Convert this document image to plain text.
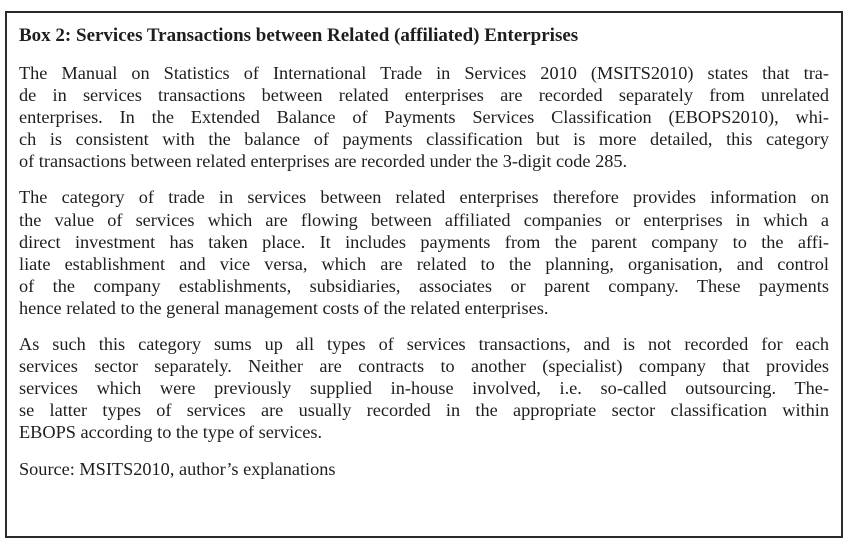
Box 2: Services Transactions between Related (affiliated) Enterprises
The Manual on Statistics of International Trade in Services 2010 (MSITS2010) states that tra-
de in services transactions between related enterprises are recorded separately from unrelated
enterprises. In the Extended Balance of Payments Services Classification (EBOPS2010), whi-
ch is consistent with the balance of payments classification but is more detailed, this category
of transactions between related enterprises are recorded under the 3-digit code 285.
The category of trade in services between related enterprises therefore provides information on
the value of services which are flowing between affiliated companies or enterprises in which a
direct investment has taken place. It includes payments from the parent company to the affi-
liate establishment and vice versa, which are related to the planning, organisation, and control
of the company establishments, subsidiaries, associates or parent company. These payments
hence related to the general management costs of the related enterprises.
As such this category sums up all types of services transactions, and is not recorded for each
services sector separately. Neither are contracts to another (specialist) company that provides
services which were previously supplied in-house involved, i.e. so-called outsourcing. The-
se latter types of services are usually recorded in the appropriate sector classification within
EBOPS according to the type of services.
Source: MSITS2010, author’s explanations
